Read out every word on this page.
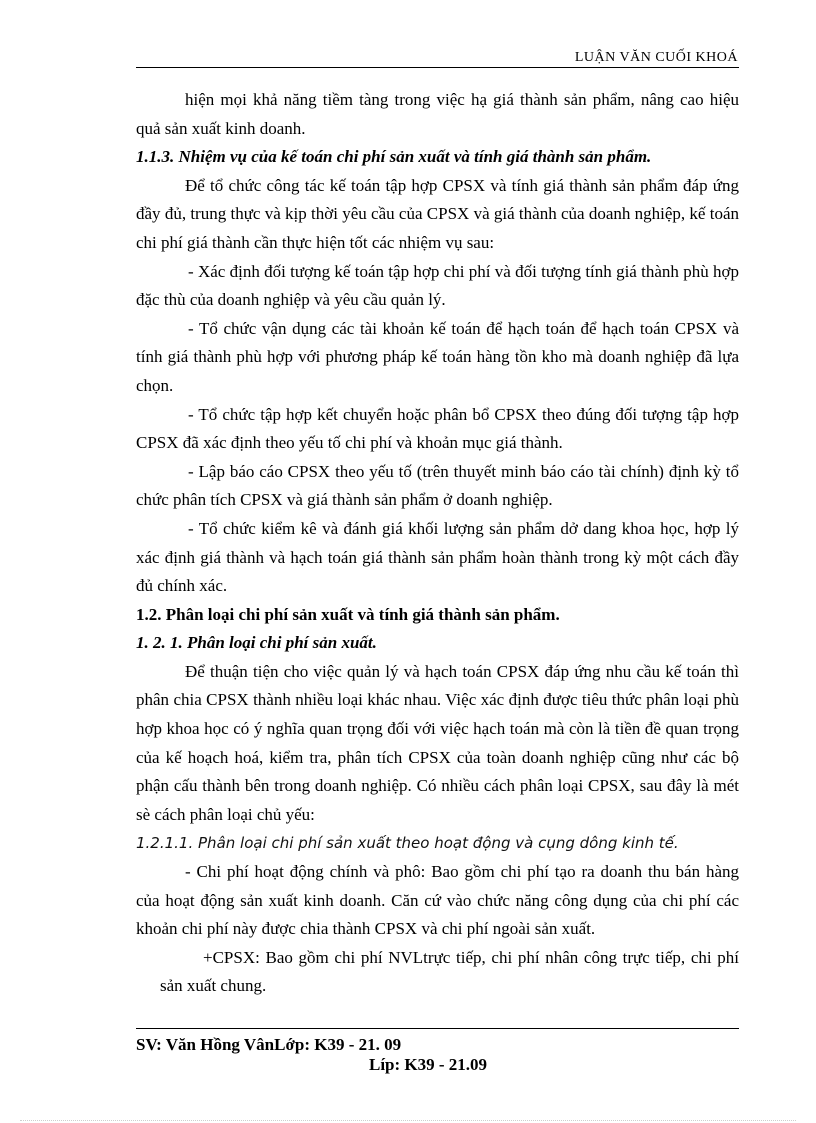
LUẬN VĂN CUỐI KHOÁ

hiện mọi khả năng tiềm tàng trong việc hạ giá thành sản phẩm, nâng cao hiệu quả sản xuất kinh doanh.

1.1.3. Nhiệm vụ của kế toán chi phí sản xuất và tính giá thành sản phẩm.

Để tổ chức công tác kế toán tập hợp CPSX và tính giá thành sản phẩm đáp ứng đầy đủ, trung thực và kịp thời yêu cầu của CPSX và giá thành của doanh nghiệp, kế toán chi phí giá thành cần thực hiện tốt các nhiệm vụ sau:

- Xác định đối tượng kế toán tập hợp chi phí và đối tượng tính giá thành phù hợp đặc thù của doanh nghiệp và yêu cầu quản lý.

- Tổ chức vận dụng các tài khoản kế toán để hạch toán để hạch toán CPSX và tính giá thành phù hợp với phương pháp kế toán hàng tồn kho mà doanh nghiệp đã lựa chọn.

- Tổ chức tập hợp kết chuyển hoặc phân bổ CPSX theo đúng đối tượng tập hợp CPSX đã xác định theo yếu tố chi phí và khoản mục giá thành.

- Lập báo cáo CPSX theo yếu tố (trên thuyết minh báo cáo tài chính) định kỳ tổ chức phân tích CPSX và giá thành sản phẩm ở doanh nghiệp.

- Tổ chức kiểm kê và đánh giá khối lượng sản phẩm dở dang khoa học, hợp lý xác định giá thành và hạch toán giá thành sản phẩm hoàn thành trong kỳ một cách đầy đủ chính xác.

1.2. Phân loại chi phí sản xuất và tính giá thành sản phẩm.

1. 2. 1. Phân loại chi phí sản xuất.

Để thuận tiện cho việc quản lý và hạch toán CPSX đáp ứng nhu cầu kế toán thì phân chia CPSX thành nhiều loại khác nhau. Việc xác định được tiêu thức phân loại phù hợp khoa học có ý nghĩa quan trọng đối với việc hạch toán mà còn là tiền đề quan trọng của kế hoạch hoá, kiểm tra, phân tích CPSX của toàn doanh nghiệp cũng như các bộ phận cấu thành bên trong doanh nghiệp. Có nhiều cách phân loại CPSX, sau đây là mét sè cách phân loại chủ yếu:

1.2.1.1. Phân loại chi phí sản xuất theo hoạt động và cụng dông kinh tế.

- Chi phí hoạt động chính và phô: Bao gồm chi phí tạo ra doanh thu bán hàng của hoạt động sản xuất kinh doanh. Căn cứ vào chức năng công dụng của chi phí các khoản chi phí này được chia thành CPSX và chi phí ngoài sản xuất.

+CPSX: Bao gồm chi phí NVLtrực tiếp, chi phí nhân công trực tiếp, chi phí sản xuất chung.

SV: Văn Hồng VânLớp: K39 - 21. 09
Líp: K39 - 21.09
